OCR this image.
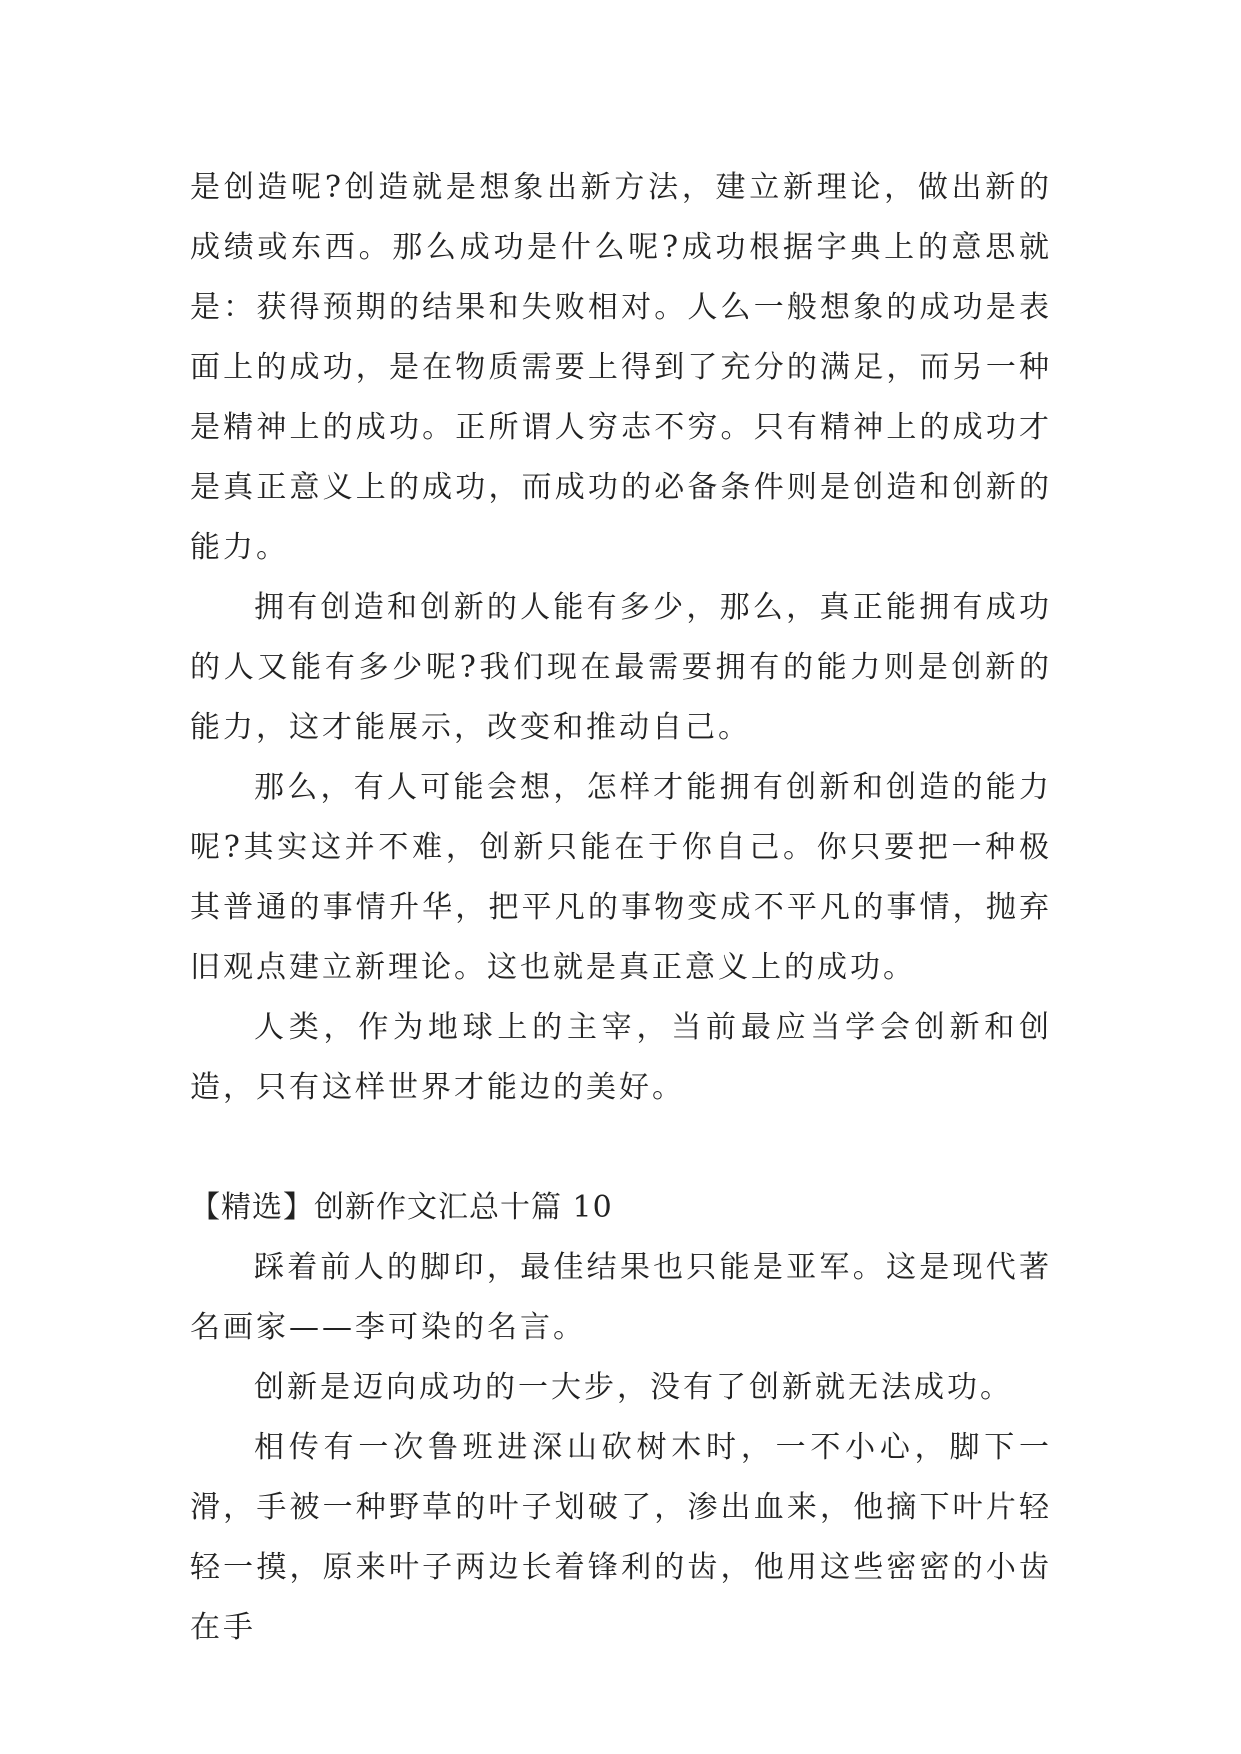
是创造呢?创造就是想象出新方法，建立新理论，做出新的成绩或东西。那么成功是什么呢?成功根据字典上的意思就是：获得预期的结果和失败相对。人么一般想象的成功是表面上的成功，是在物质需要上得到了充分的满足，而另一种是精神上的成功。正所谓人穷志不穷。只有精神上的成功才是真正意义上的成功，而成功的必备条件则是创造和创新的能力。

拥有创造和创新的人能有多少，那么，真正能拥有成功的人又能有多少呢?我们现在最需要拥有的能力则是创新的能力，这才能展示，改变和推动自己。

那么，有人可能会想，怎样才能拥有创新和创造的能力呢?其实这并不难，创新只能在于你自己。你只要把一种极其普通的事情升华，把平凡的事物变成不平凡的事情，抛弃旧观点建立新理论。这也就是真正意义上的成功。

人类，作为地球上的主宰，当前最应当学会创新和创造，只有这样世界才能边的美好。

【精选】创新作文汇总十篇 10

踩着前人的脚印，最佳结果也只能是亚军。这是现代著名画家——李可染的名言。

创新是迈向成功的一大步，没有了创新就无法成功。

相传有一次鲁班进深山砍树木时，一不小心，脚下一滑，手被一种野草的叶子划破了，渗出血来，他摘下叶片轻轻一摸，原来叶子两边长着锋利的齿，他用这些密密的小齿在手
